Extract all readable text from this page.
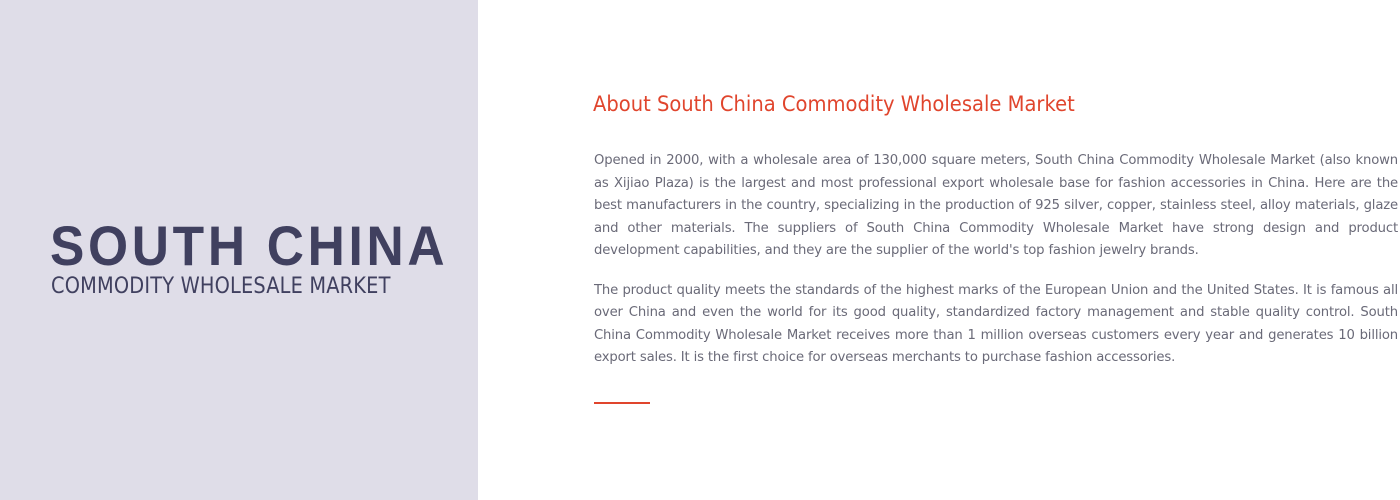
SOUTH CHINA
COMMODITY WHOLESALE MARKET
About South China Commodity Wholesale Market

Opened in 2000, with a wholesale area of 130,000 square meters, South China Commodity Wholesale Market (also known as Xijiao Plaza) is the largest and most professional export wholesale base for fashion accessories in China. Here are the best manufacturers in the country, specializing in the production of 925 silver, copper, stainless steel, alloy materials, glaze and other materials. The suppliers of South China Commodity Wholesale Market have strong design and product development capabilities, and they are the supplier of the world's top fashion jewelry brands.

The product quality meets the standards of the highest marks of the European Union and the United States. It is famous all over China and even the world for its good quality, standardized factory management and stable quality control. South China Commodity Wholesale Market receives more than 1 million overseas customers every year and generates 10 billion export sales. It is the first choice for overseas merchants to purchase fashion accessories.
